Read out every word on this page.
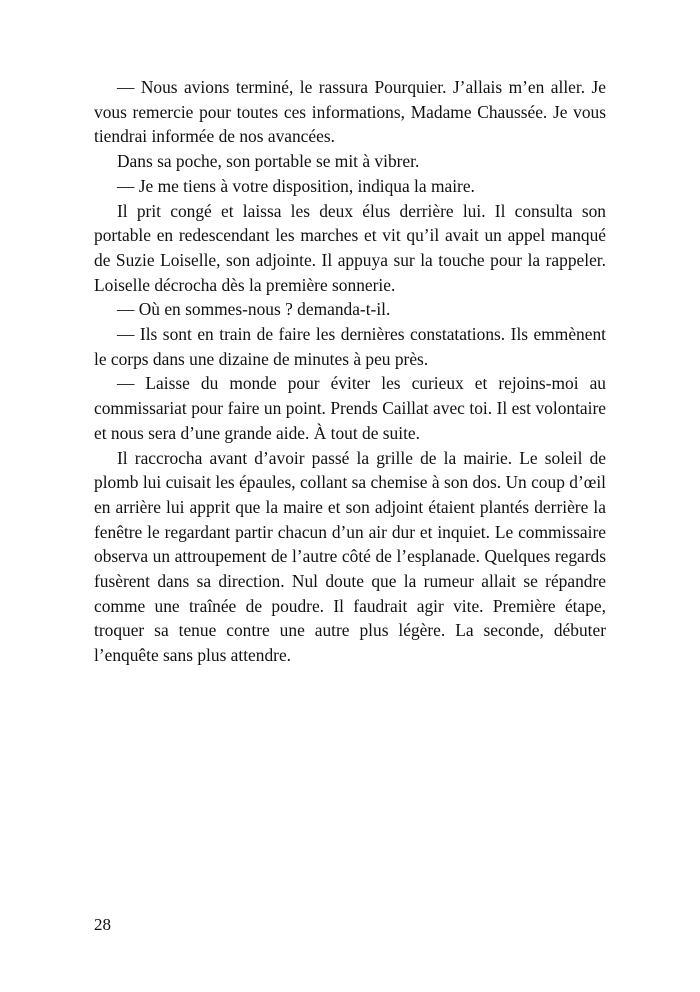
— Nous avions terminé, le rassura Pourquier. J’allais m’en aller. Je vous remercie pour toutes ces informations, Madame Chaussée. Je vous tiendrai informée de nos avancées.

Dans sa poche, son portable se mit à vibrer.

— Je me tiens à votre disposition, indiqua la maire.

Il prit congé et laissa les deux élus derrière lui. Il consulta son portable en redescendant les marches et vit qu’il avait un appel manqué de Suzie Loiselle, son adjointe. Il appuya sur la touche pour la rappeler. Loiselle décrocha dès la première sonnerie.

— Où en sommes-nous ? demanda-t-il.

— Ils sont en train de faire les dernières constatations. Ils emmènent le corps dans une dizaine de minutes à peu près.

— Laisse du monde pour éviter les curieux et rejoins-moi au commissariat pour faire un point. Prends Caillat avec toi. Il est volontaire et nous sera d’une grande aide. À tout de suite.

Il raccrocha avant d’avoir passé la grille de la mairie. Le soleil de plomb lui cuisait les épaules, collant sa chemise à son dos. Un coup d’œil en arrière lui apprit que la maire et son adjoint étaient plantés derrière la fenêtre le regardant partir chacun d’un air dur et inquiet. Le commissaire observa un attroupement de l’autre côté de l’esplanade. Quelques regards fusèrent dans sa direction. Nul doute que la rumeur allait se répandre comme une traînée de poudre. Il faudrait agir vite. Première étape, troquer sa tenue contre une autre plus légère. La seconde, débuter l’enquête sans plus attendre.

28
